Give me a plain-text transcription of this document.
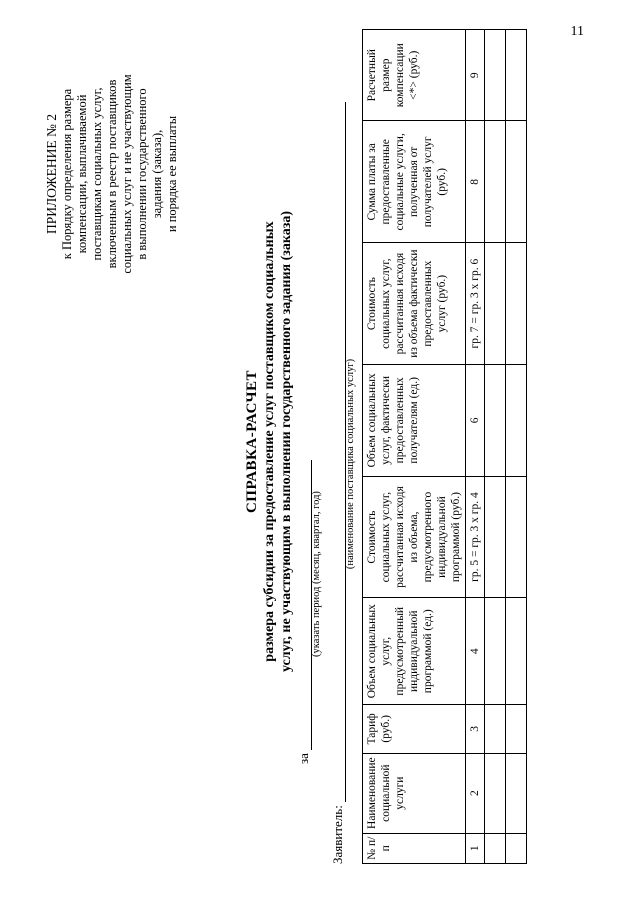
11
ПРИЛОЖЕНИЕ № 2 к Порядку определения размера компенсации, выплачиваемой поставщикам социальных услуг, включенным в реестр поставщиков социальных услуг и не участвующим в выполнении государственного задания (заказа), и порядка ее выплаты
СПРАВКА-РАСЧЕТ размера субсидии за предоставление услуг поставщиком социальных услуг, не участвующим в выполнении государственного задания (заказа)
за
(указать период (месяц, квартал, год)
Заявитель:
(наименование поставщика социальных услуг)
№ п/п	Наименование социальной услуги	Тариф (руб.)	Объем социальных услуг, предусмотренный индивидуальной программой (ед.)	Стоимость социальных услуг, рассчитанная исходя из объема, предусмотренного индивидуальной программой (руб.)	Объем социальных услуг, фактически предоставленных получателям (ед.)	Стоимость социальных услуг, рассчитанная исходя из объема фактически предоставленных услуг (руб.)	Сумма платы за предоставленные социальные услуги, полученная от получателей услуг (руб.)	Расчетный размер компенсации <*> (руб.)
1	2	3	4	гр. 5 = гр. 3 х гр. 4	6	гр. 7 = гр. 3 х гр. 6	8	9
